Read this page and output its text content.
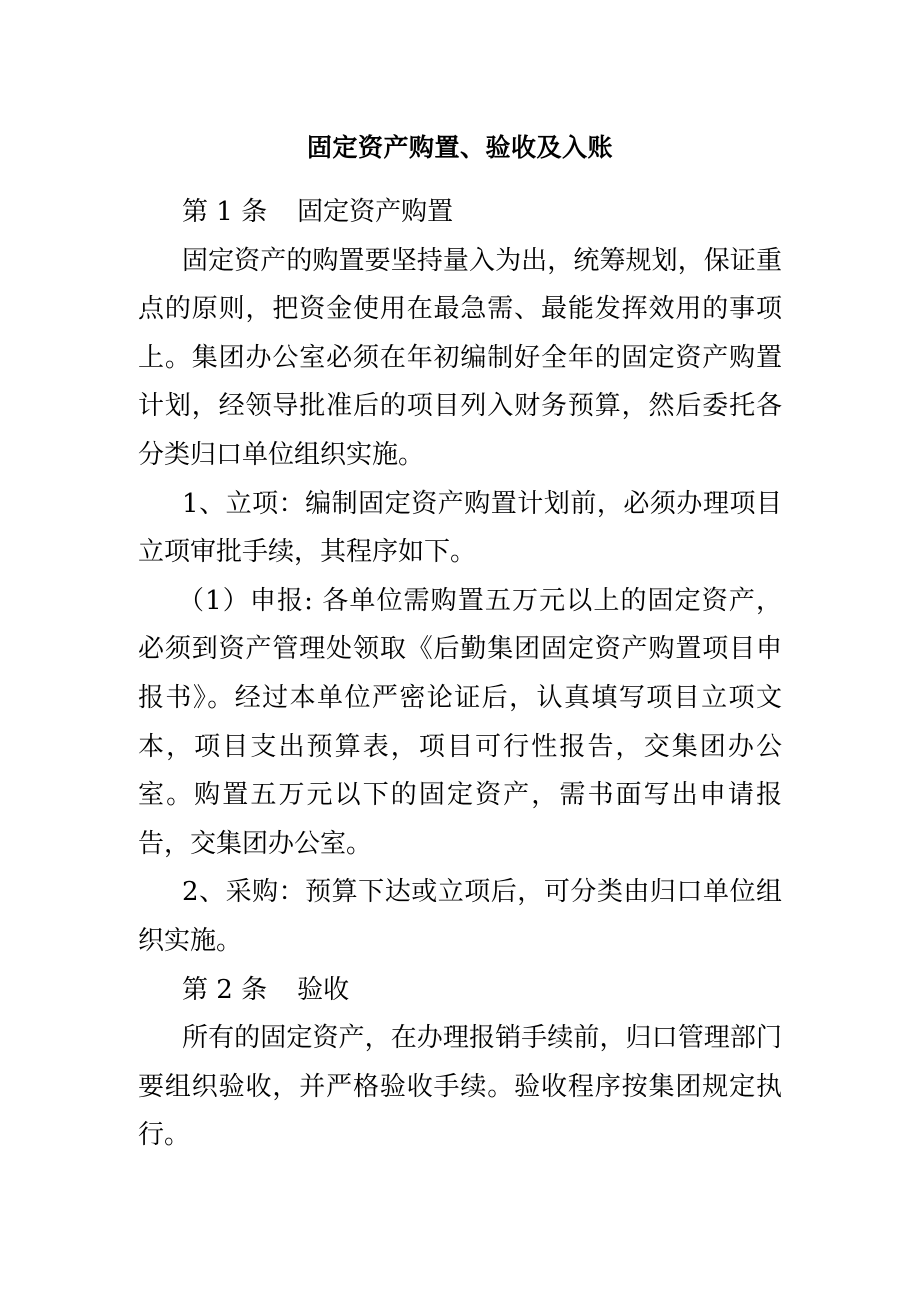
固定资产购置、验收及入账

第 1 条 固定资产购置

固定资产的购置要坚持量入为出，统筹规划，保证重点的原则，把资金使用在最急需、最能发挥效用的事项上。集团办公室必须在年初编制好全年的固定资产购置计划，经领导批准后的项目列入财务预算，然后委托各分类归口单位组织实施。

1、立项：编制固定资产购置计划前，必须办理项目立项审批手续，其程序如下。

（1）申报: 各单位需购置五万元以上的固定资产，必须到资产管理处领取《后勤集团固定资产购置项目申报书》。经过本单位严密论证后，认真填写项目立项文本，项目支出预算表，项目可行性报告，交集团办公室。购置五万元以下的固定资产，需书面写出申请报告，交集团办公室。

2、采购：预算下达或立项后，可分类由归口单位组织实施。

第 2 条 验收

所有的固定资产，在办理报销手续前，归口管理部门要组织验收，并严格验收手续。验收程序按集团规定执行。
